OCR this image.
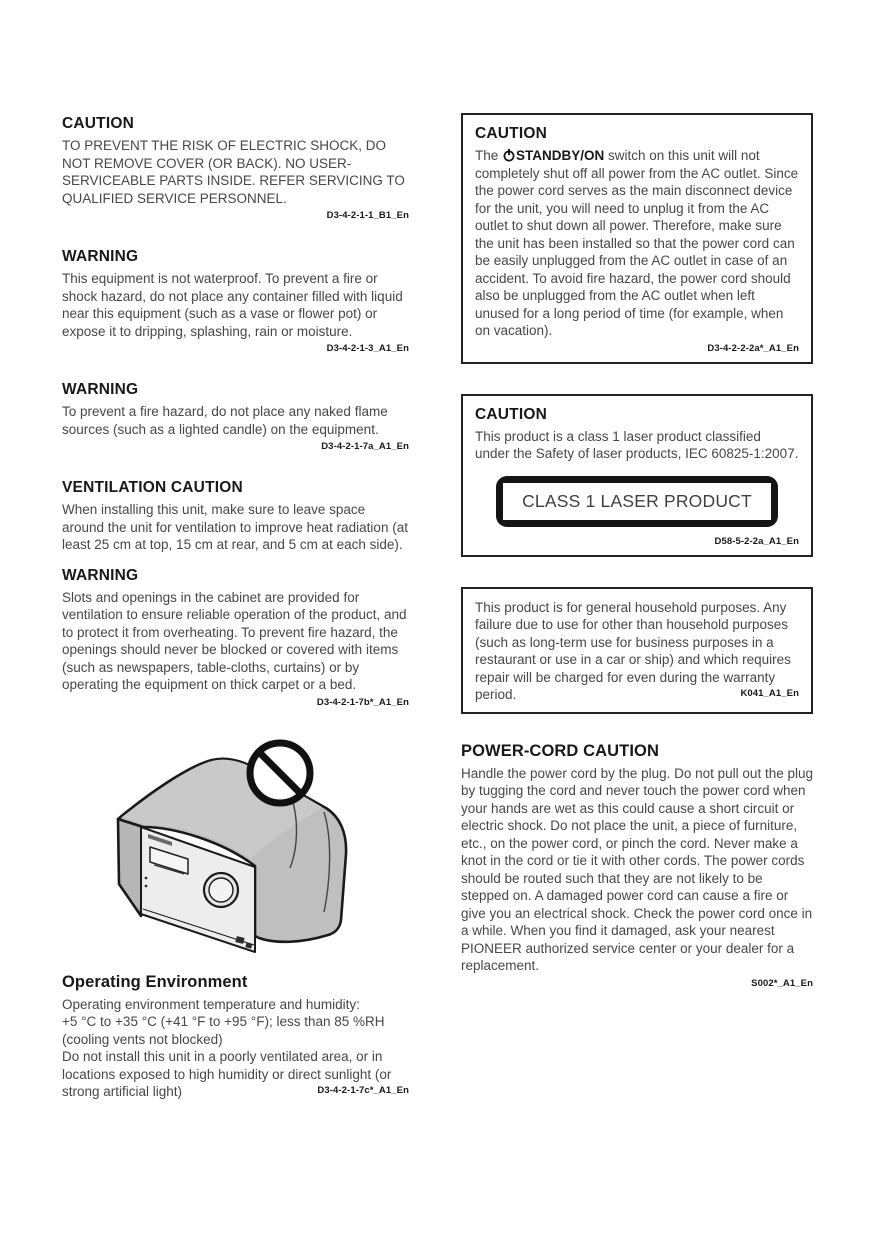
CAUTION

TO PREVENT THE RISK OF ELECTRIC SHOCK, DO NOT REMOVE COVER (OR BACK). NO USER-SERVICEABLE PARTS INSIDE. REFER SERVICING TO QUALIFIED SERVICE PERSONNEL.

D3-4-2-1-1_B1_En
WARNING

This equipment is not waterproof. To prevent a fire or shock hazard, do not place any container filled with liquid near this equipment (such as a vase or flower pot) or expose it to dripping, splashing, rain or moisture.

D3-4-2-1-3_A1_En
WARNING

To prevent a fire hazard, do not place any naked flame sources (such as a lighted candle) on the equipment.

D3-4-2-1-7a_A1_En
VENTILATION CAUTION

When installing this unit, make sure to leave space around the unit for ventilation to improve heat radiation (at least 25 cm at top, 15 cm at rear, and 5 cm at each side).

WARNING

Slots and openings in the cabinet are provided for ventilation to ensure reliable operation of the product, and to protect it from overheating. To prevent fire hazard, the openings should never be blocked or covered with items (such as newspapers, table-cloths, curtains) or by operating the equipment on thick carpet or a bed.

D3-4-2-1-7b*_A1_En
Operating Environment
Operating environment temperature and humidity:
+5 °C to +35 °C (+41 °F to +95 °F); less than 85 %RH
(cooling vents not blocked)
Do not install this unit in a poorly ventilated area, or in locations exposed to high humidity or direct sunlight (or strong artificial light)	D3-4-2-1-7c*_A1_En
CAUTION

The STANDBY/ON switch on this unit will not completely shut off all power from the AC outlet. Since the power cord serves as the main disconnect device for the unit, you will need to unplug it from the AC outlet to shut down all power. Therefore, make sure the unit has been installed so that the power cord can be easily unplugged from the AC outlet in case of an accident. To avoid fire hazard, the power cord should also be unplugged from the AC outlet when left unused for a long period of time (for example, when on vacation).

D3-4-2-2-2a*_A1_En
CAUTION

This product is a class 1 laser product classified under the Safety of laser products, IEC 60825-1:2007.

CLASS 1 LASER PRODUCT
D58-5-2-2a_A1_En
This product is for general household purposes. Any failure due to use for other than household purposes (such as long-term use for business purposes in a restaurant or use in a car or ship) and which requires repair will be charged for even during the warranty period.	K041_A1_En
POWER-CORD CAUTION

Handle the power cord by the plug. Do not pull out the plug by tugging the cord and never touch the power cord when your hands are wet as this could cause a short circuit or electric shock. Do not place the unit, a piece of furniture, etc., on the power cord, or pinch the cord. Never make a knot in the cord or tie it with other cords. The power cords should be routed such that they are not likely to be stepped on. A damaged power cord can cause a fire or give you an electrical shock. Check the power cord once in a while. When you find it damaged, ask your nearest PIONEER authorized service center or your dealer for a replacement.

S002*_A1_En
